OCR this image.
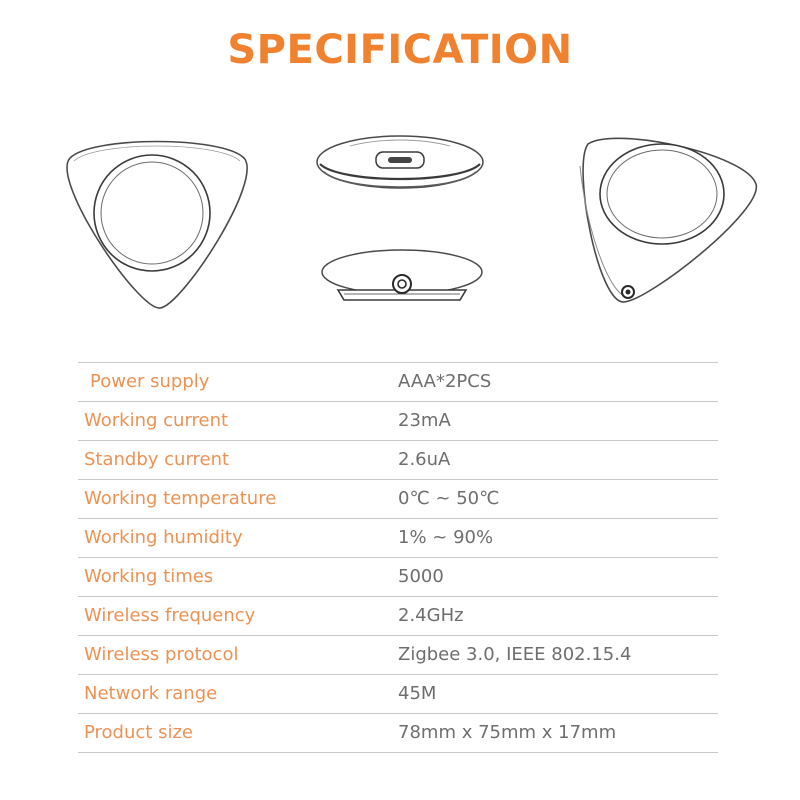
SPECIFICATION
Power supply	AAA*2PCS
Working current	23mA
Standby current	2.6uA
Working temperature	0℃ ~ 50℃
Working humidity	1% ~ 90%
Working times	5000
Wireless frequency	2.4GHz
Wireless protocol	Zigbee 3.0, IEEE 802.15.4
Network range	45M
Product size	78mm x 75mm x 17mm
